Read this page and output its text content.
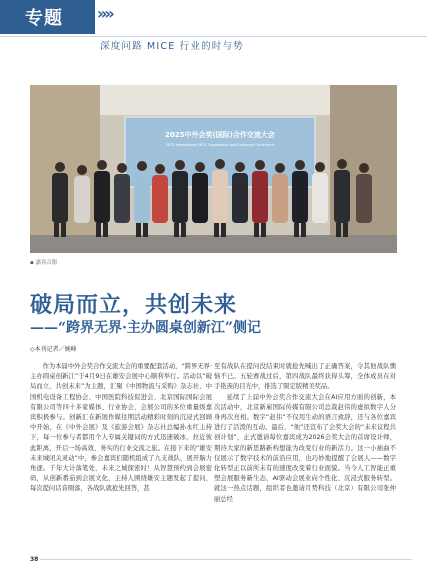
专题 »»
深度问路 MICE 行业的时与势
2025中外会奖(国际)合作交流大会
2025 International MICE Cooperation and Exchange Conference
▪ 嘉宾合影
破局而立，共创未来
——“跨界无界·主办圆桌创新江”侧记
◇本刊记者／婉峰

作为本届中外会奖合作交流大会的重要配套活动，“跨界无界·主办圆桌创新江”于4月9日在雄安会展中心顺利举行。活动以“破局而立，共创未来”为主题，汇聚《中国物流与采购》杂志社、中国机电设备工程协会、中国医院科技促进会、北京国际国际会展有限公司等四十多家媒体、行业协会、会展公司的多位重量级嘉宾积极参与。创新汇在新展作媒往期活动精彩时刻的沉浸式回顾中开始，在《中外会展》及《旅游会展》杂志社总编孙永红主持下，每一位参与者都用个人专属关键词的方式迅速破冰，拉近彼此距离，开启一场高效、务实的行业交流之旅。在接下来的“雄安未来城闭关灵动”中，参会嘉宾们随机组成了九支战队，展开脑力角逐。千年大计落笔处，未来之城探密时！从智慧预约到会展密码，从创新番茄到会展文化，主持人围绕雄安主题发起了提问，每次提问话音刚落，各战队就抢先回答，甚

至有战队在提问没结束时就抢先喊出了正确答案，令其他战队懊恼不已。五轮赛战过后，第四战队最终获得头筹，全体成员在对手艳羡的目光中，推选了限定版精美奖品。

延续了上届中外会奖合作交流大会在AI应用方面的创新，本次活动中，北京新雇国际传媒有限公司总裁赵伟的虚拟数字人分身再次亮相。数字“赵伟”不仅用生动的语言致辞，还与各位嘉宾进行了活泼的互动。最后，“他”还宣布了会奖大会的“未来议程共创计划”，正式邀请每位嘉宾成为2026会奖大会的首席设计师，期待大家的新思路新构想能为改变行业的新活力。这一小插曲不仅展示了数字技术的前沿应用，也巧妙地提醒了会展人——数字化转型正以前所未有的速度改变着行业面貌。当今人工智能正重塑会展服务新生态，AI驱动会展业向个性化、沉浸式服务转型。就这一热点话题，组织者也邀请月势科技（北京）有限公司张仲丽总经

38
